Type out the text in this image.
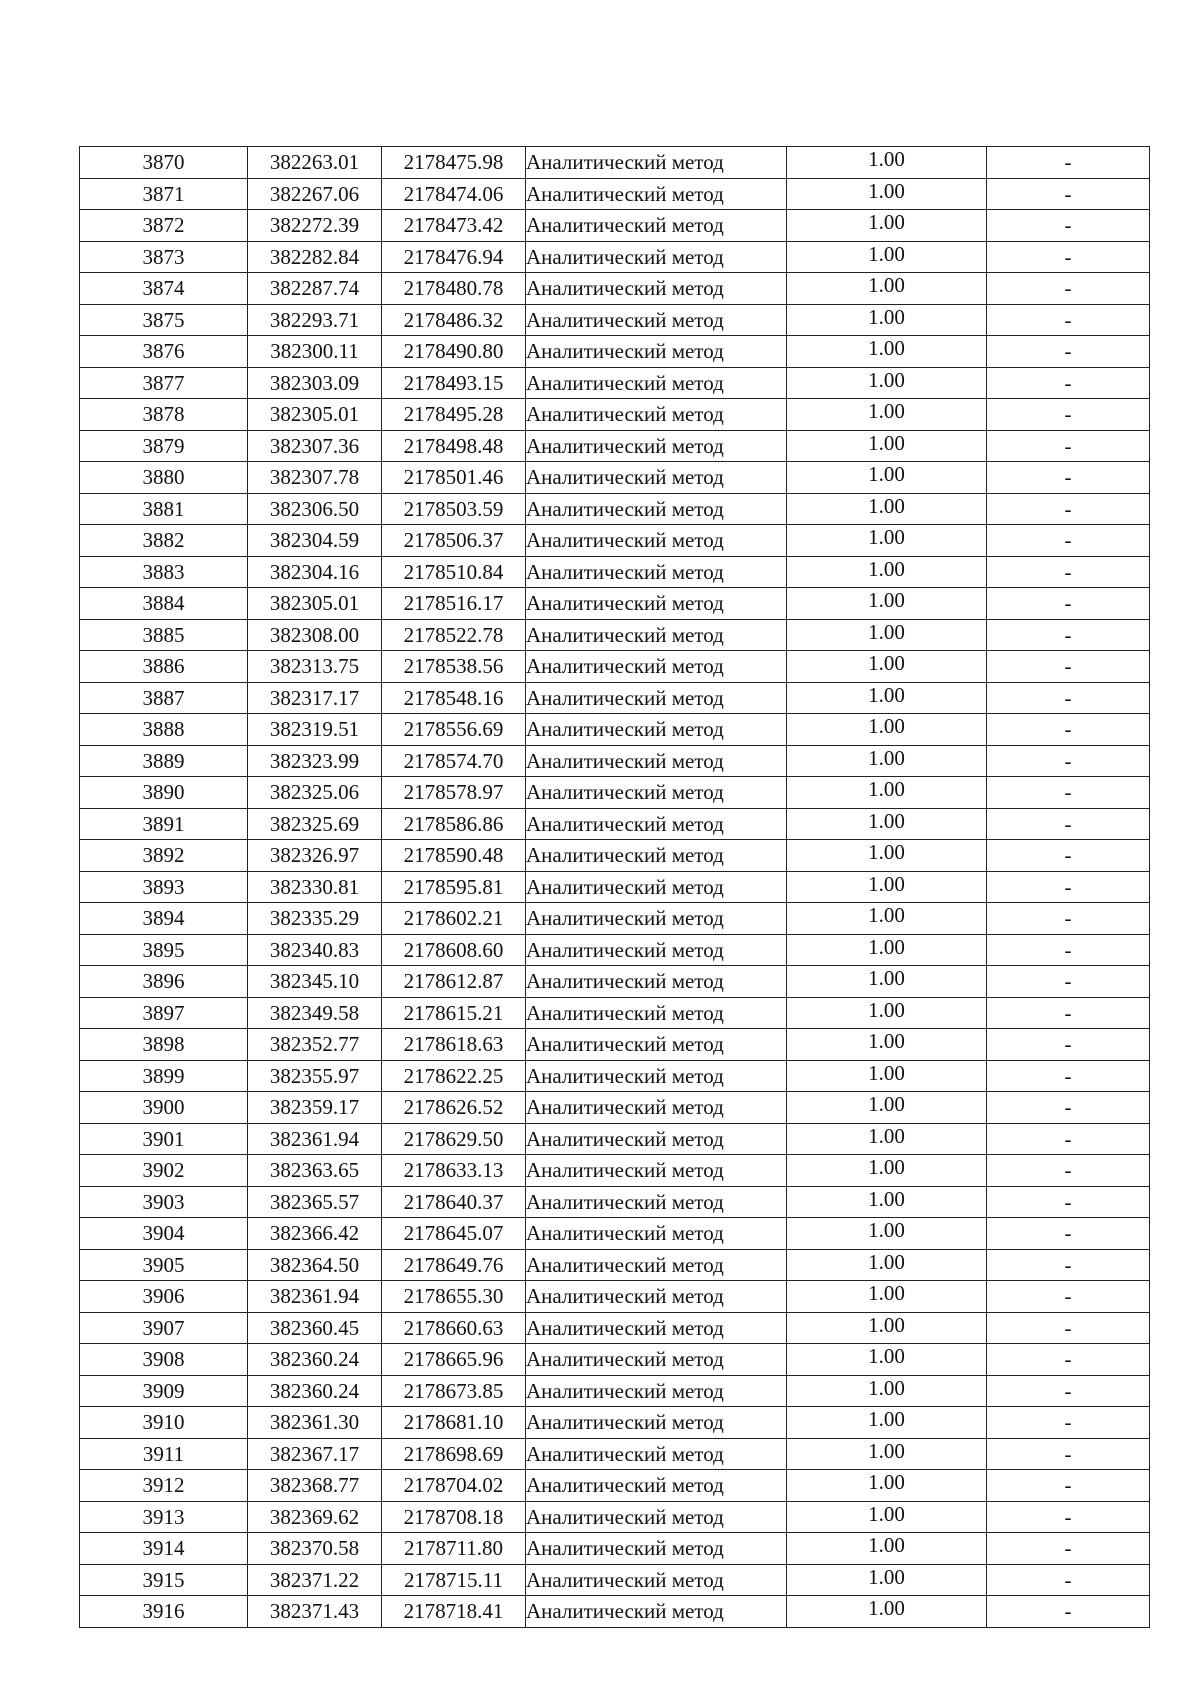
3870	382263.01	2178475.98	Аналитический метод	1.00	-
3871	382267.06	2178474.06	Аналитический метод	1.00	-
3872	382272.39	2178473.42	Аналитический метод	1.00	-
3873	382282.84	2178476.94	Аналитический метод	1.00	-
3874	382287.74	2178480.78	Аналитический метод	1.00	-
3875	382293.71	2178486.32	Аналитический метод	1.00	-
3876	382300.11	2178490.80	Аналитический метод	1.00	-
3877	382303.09	2178493.15	Аналитический метод	1.00	-
3878	382305.01	2178495.28	Аналитический метод	1.00	-
3879	382307.36	2178498.48	Аналитический метод	1.00	-
3880	382307.78	2178501.46	Аналитический метод	1.00	-
3881	382306.50	2178503.59	Аналитический метод	1.00	-
3882	382304.59	2178506.37	Аналитический метод	1.00	-
3883	382304.16	2178510.84	Аналитический метод	1.00	-
3884	382305.01	2178516.17	Аналитический метод	1.00	-
3885	382308.00	2178522.78	Аналитический метод	1.00	-
3886	382313.75	2178538.56	Аналитический метод	1.00	-
3887	382317.17	2178548.16	Аналитический метод	1.00	-
3888	382319.51	2178556.69	Аналитический метод	1.00	-
3889	382323.99	2178574.70	Аналитический метод	1.00	-
3890	382325.06	2178578.97	Аналитический метод	1.00	-
3891	382325.69	2178586.86	Аналитический метод	1.00	-
3892	382326.97	2178590.48	Аналитический метод	1.00	-
3893	382330.81	2178595.81	Аналитический метод	1.00	-
3894	382335.29	2178602.21	Аналитический метод	1.00	-
3895	382340.83	2178608.60	Аналитический метод	1.00	-
3896	382345.10	2178612.87	Аналитический метод	1.00	-
3897	382349.58	2178615.21	Аналитический метод	1.00	-
3898	382352.77	2178618.63	Аналитический метод	1.00	-
3899	382355.97	2178622.25	Аналитический метод	1.00	-
3900	382359.17	2178626.52	Аналитический метод	1.00	-
3901	382361.94	2178629.50	Аналитический метод	1.00	-
3902	382363.65	2178633.13	Аналитический метод	1.00	-
3903	382365.57	2178640.37	Аналитический метод	1.00	-
3904	382366.42	2178645.07	Аналитический метод	1.00	-
3905	382364.50	2178649.76	Аналитический метод	1.00	-
3906	382361.94	2178655.30	Аналитический метод	1.00	-
3907	382360.45	2178660.63	Аналитический метод	1.00	-
3908	382360.24	2178665.96	Аналитический метод	1.00	-
3909	382360.24	2178673.85	Аналитический метод	1.00	-
3910	382361.30	2178681.10	Аналитический метод	1.00	-
3911	382367.17	2178698.69	Аналитический метод	1.00	-
3912	382368.77	2178704.02	Аналитический метод	1.00	-
3913	382369.62	2178708.18	Аналитический метод	1.00	-
3914	382370.58	2178711.80	Аналитический метод	1.00	-
3915	382371.22	2178715.11	Аналитический метод	1.00	-
3916	382371.43	2178718.41	Аналитический метод	1.00	-
